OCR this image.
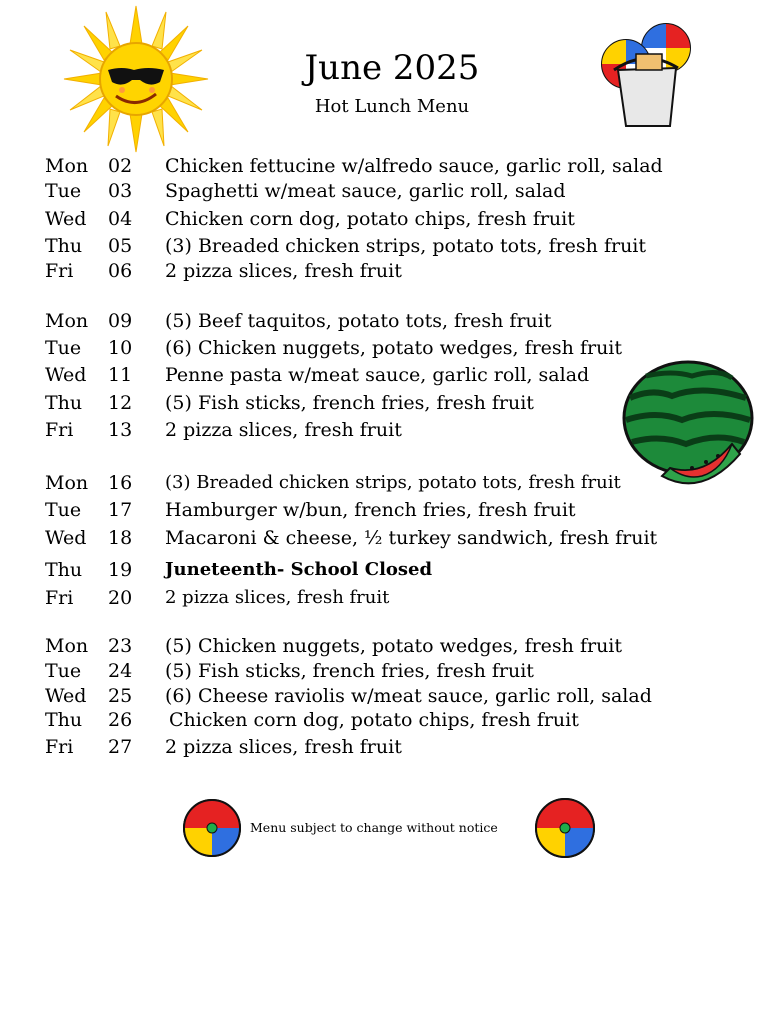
June 2025
Hot Lunch Menu
Mon 02 Chicken fettucine w/alfredo sauce, garlic roll, salad
Tue 03 Spaghetti w/meat sauce, garlic roll, salad
Wed 04 Chicken corn dog, potato chips, fresh fruit
Thu 05 (3) Breaded chicken strips, potato tots, fresh fruit
Fri 06 2 pizza slices, fresh fruit
Mon 09 (5) Beef taquitos, potato tots, fresh fruit
Tue 10 (6) Chicken nuggets, potato wedges, fresh fruit
Wed 11 Penne pasta w/meat sauce, garlic roll, salad
Thu 12 (5) Fish sticks, french fries, fresh fruit
Fri 13 2 pizza slices, fresh fruit
Mon 16 (3) Breaded chicken strips, potato tots, fresh fruit
Tue 17 Hamburger w/bun, french fries, fresh fruit
Wed 18 Macaroni & cheese, ½ turkey sandwich, fresh fruit
Thu 19 Juneteenth- School Closed
Fri 20 2 pizza slices, fresh fruit
Mon 23 (5) Chicken nuggets, potato wedges, fresh fruit
Tue 24 (5) Fish sticks, french fries, fresh fruit
Wed 25 (6) Cheese raviolis w/meat sauce, garlic roll, salad
Thu 26 Chicken corn dog, potato chips, fresh fruit
Fri 27 2 pizza slices, fresh fruit
Menu subject to change without notice
